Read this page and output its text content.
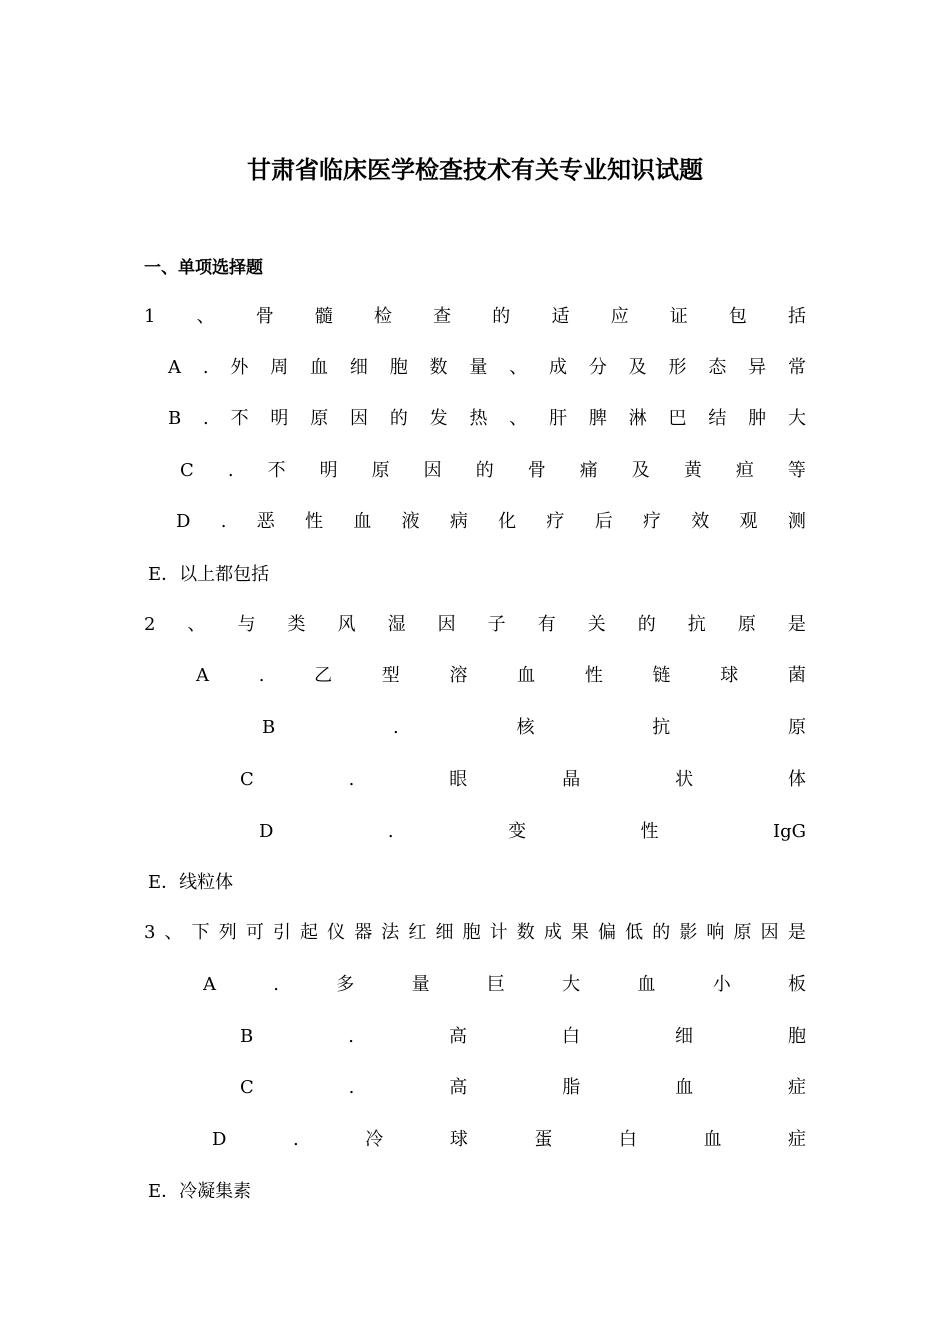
甘肃省临床医学检查技术有关专业知识试题
一、单项选择题
1 、 骨 髓 检 查 的 适 应 证 包 括
A . 外 周 血 细 胞 数 量 、 成 分 及 形 态 异 常
B . 不 明 原 因 的 发 热 、 肝 脾 淋 巴 结 肿 大
C . 不 明 原 因 的 骨 痛 及 黄 疸 等
D . 恶 性 血 液 病 化 疗 后 疗 效 观 测
E．以上都包括
2 、 与 类 风 湿 因 子 有 关 的 抗 原 是
A	.	乙	型	溶	血	性	链	球	菌
B	.	核	抗	原
C	.	眼	晶	状	体
D	.	变	性	IgG
E．线粒体
3 、 下 列 可 引 起 仪 器 法 红 细 胞 计 数 成 果 偏 低 的 影 响 原 因 是
A	.	多	量	巨	大	血	小	板
B	.	高	白	细	胞
C	.	高	脂	血	症
D	.	冷	球	蛋	白	血	症
E．冷凝集素
